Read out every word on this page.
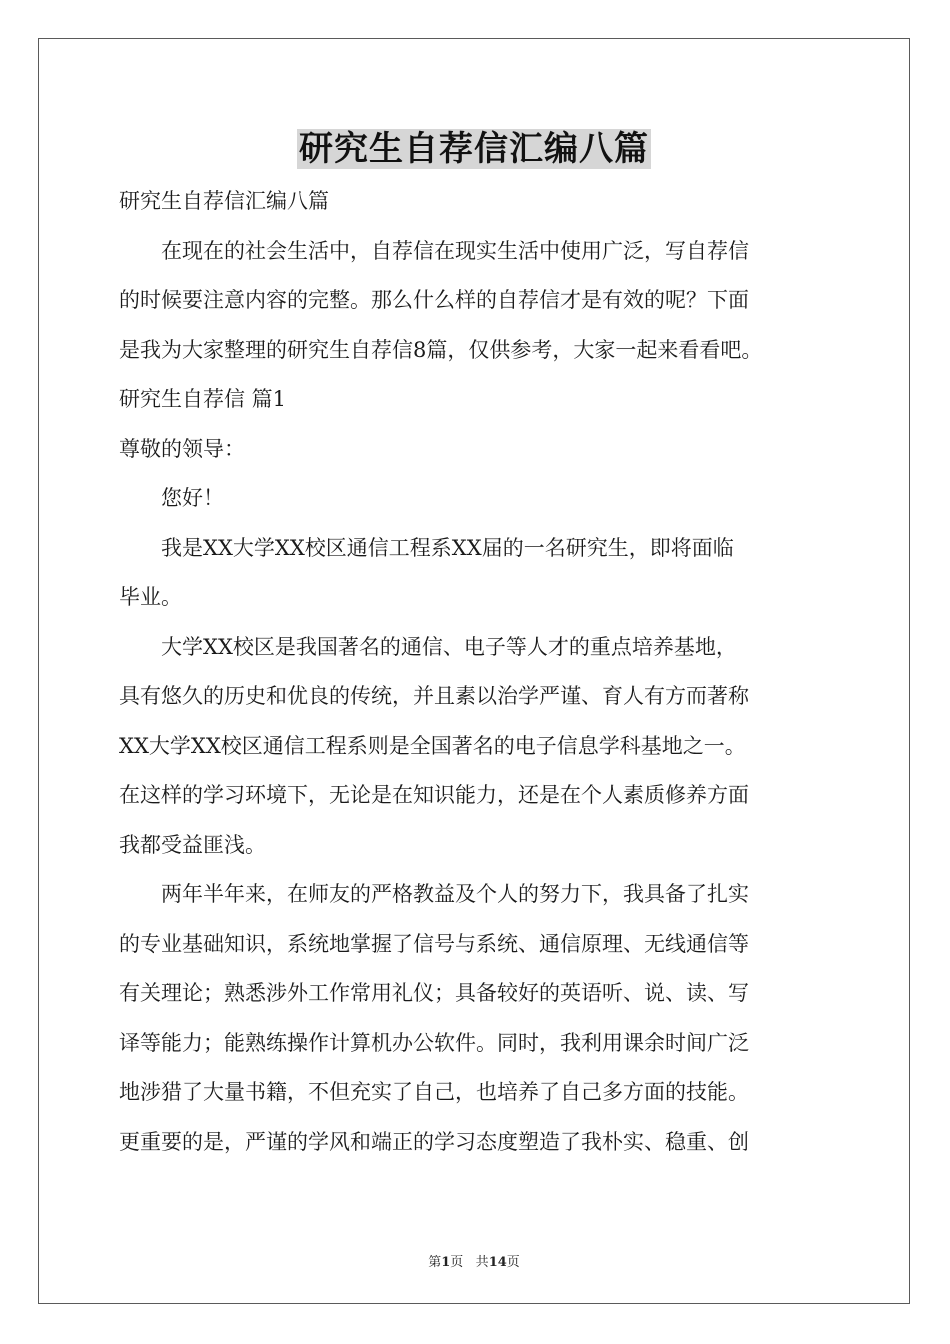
研究生自荐信汇编八篇

研究生自荐信汇编八篇

在现在的社会生活中，自荐信在现实生活中使用广泛，写自荐信

的时候要注意内容的完整。那么什么样的自荐信才是有效的呢？下面

是我为大家整理的研究生自荐信8篇，仅供参考，大家一起来看看吧。

研究生自荐信 篇1

尊敬的领导：

您好！

我是XX大学XX校区通信工程系XX届的一名研究生，即将面临

毕业。

大学XX校区是我国著名的通信、电子等人才的重点培养基地，

具有悠久的历史和优良的传统，并且素以治学严谨、育人有方而著称

XX大学XX校区通信工程系则是全国著名的电子信息学科基地之一。

在这样的学习环境下，无论是在知识能力，还是在个人素质修养方面

我都受益匪浅。

两年半年来，在师友的严格教益及个人的努力下，我具备了扎实

的专业基础知识，系统地掌握了信号与系统、通信原理、无线通信等

有关理论；熟悉涉外工作常用礼仪；具备较好的英语听、说、读、写

译等能力；能熟练操作计算机办公软件。同时，我利用课余时间广泛

地涉猎了大量书籍，不但充实了自己，也培养了自己多方面的技能。

更重要的是，严谨的学风和端正的学习态度塑造了我朴实、稳重、创

第1页 共14页
